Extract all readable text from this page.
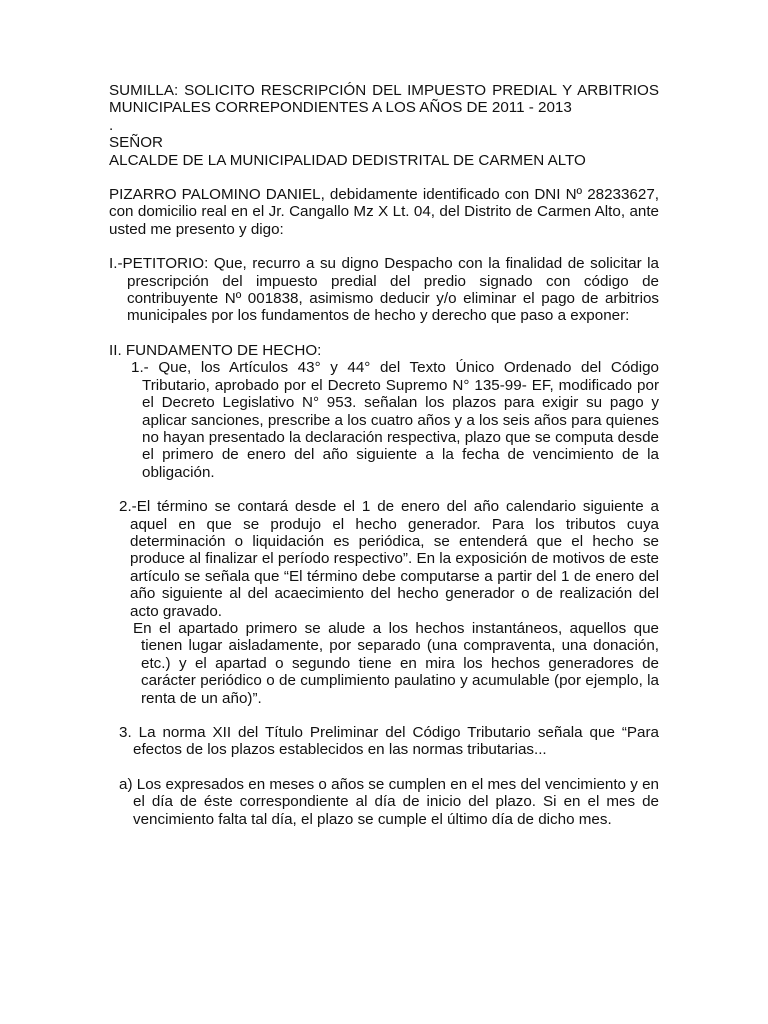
SUMILLA: SOLICITO RESCRIPCIÓN DEL IMPUESTO PREDIAL Y ARBITRIOS MUNICIPALES CORREPONDIENTES A LOS AÑOS DE 2011 - 2013

.

SEÑOR

ALCALDE DE LA MUNICIPALIDAD DEDISTRITAL DE CARMEN ALTO

PIZARRO PALOMINO DANIEL, debidamente identificado con DNI Nº 28233627, con domicilio real en el Jr. Cangallo Mz X Lt. 04, del Distrito de Carmen Alto, ante usted me presento y digo:

I.-PETITORIO: Que, recurro a su digno Despacho con la finalidad de solicitar la prescripción del impuesto predial del predio signado con código de contribuyente Nº 001838, asimismo deducir y/o eliminar el pago de arbitrios municipales por los fundamentos de hecho y derecho que paso a exponer:

II. FUNDAMENTO DE HECHO:

1.- Que, los Artículos 43° y 44° del Texto Único Ordenado del Código Tributario, aprobado por el Decreto Supremo N° 135-99- EF, modificado por el Decreto Legislativo N° 953. señalan los plazos para exigir su pago y aplicar sanciones, prescribe a los cuatro años y a los seis años para quienes no hayan presentado la declaración respectiva, plazo que se computa desde el primero de enero del año siguiente a la fecha de vencimiento de la obligación.

2.-El término se contará desde el 1 de enero del año calendario siguiente a aquel en que se produjo el hecho generador. Para los tributos cuya determinación o liquidación es periódica, se entenderá que el hecho se produce al finalizar el período respectivo”. En la exposición de motivos de este artículo se señala que “El término debe computarse a partir del 1 de enero del año siguiente al del acaecimiento del hecho generador o de realización del acto gravado.

En el apartado primero se alude a los hechos instantáneos, aquellos que tienen lugar aisladamente, por separado (una compraventa, una donación, etc.) y el apartad o segundo tiene en mira los hechos generadores de carácter periódico o de cumplimiento paulatino y acumulable (por ejemplo, la renta de un año)”.

3. La norma XII del Título Preliminar del Código Tributario señala que “Para efectos de los plazos establecidos en las normas tributarias...

a) Los expresados en meses o años se cumplen en el mes del vencimiento y en el día de éste correspondiente al día de inicio del plazo. Si en el mes de vencimiento falta tal día, el plazo se cumple el último día de dicho mes.
